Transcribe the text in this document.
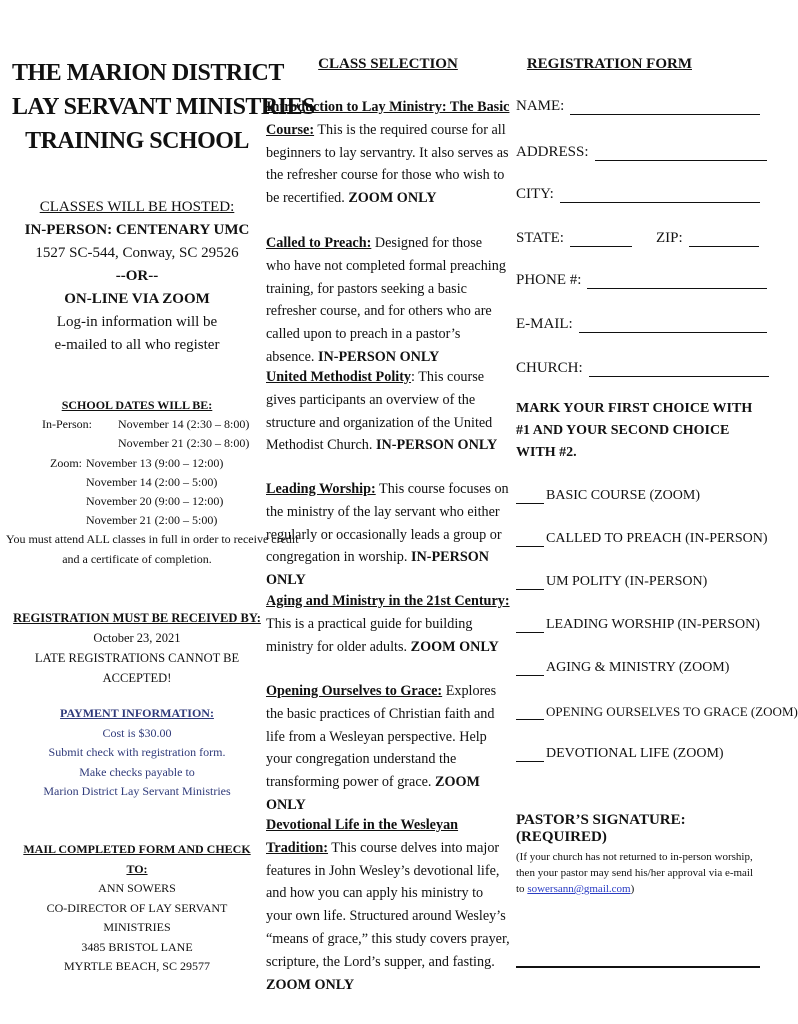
THE MARION DISTRICT
LAY SERVANT MINISTRIES
TRAINING SCHOOL
CLASSES WILL BE HOSTED:
IN-PERSON: CENTENARY UMC
1527 SC-544, Conway, SC 29526
--OR--
ON-LINE VIA ZOOM
Log-in information will be
e-mailed to all who register
SCHOOL DATES WILL BE:
In-Person:	November 14 (2:30 – 8:00)
November 21 (2:30 – 8:00)
Zoom: November 13 (9:00 – 12:00)
November 14 (2:00 – 5:00)
November 20 (9:00 – 12:00)
November 21 (2:00 – 5:00)
You must attend ALL classes in full in order to receive credit
and a certificate of completion.
REGISTRATION MUST BE RECEIVED BY:
October 23, 2021
LATE REGISTRATIONS CANNOT BE ACCEPTED!
PAYMENT INFORMATION:
Cost is $30.00
Submit check with registration form.
Make checks payable to
Marion District Lay Servant Ministries
MAIL COMPLETED FORM AND CHECK TO:
ANN SOWERS
CO-DIRECTOR OF LAY SERVANT MINISTRIES
3485 BRISTOL LANE
MYRTLE BEACH, SC 29577
CLASS SELECTION
Introduction to Lay Ministry: The Basic Course: This is the required course for all beginners to lay servantry. It also serves as the refresher course for those who wish to be recertified. ZOOM ONLY
Called to Preach: Designed for those who have not completed formal preaching training, for pastors seeking a basic refresher course, and for others who are called upon to preach in a pastor’s absence. IN-PERSON ONLY
United Methodist Polity: This course gives participants an overview of the structure and organization of the United Methodist Church. IN-PERSON ONLY
Leading Worship: This course focuses on the ministry of the lay servant who either regularly or occasionally leads a group or congregation in worship. IN-PERSON ONLY
Aging and Ministry in the 21st Century: This is a practical guide for building ministry for older adults. ZOOM ONLY
Opening Ourselves to Grace: Explores the basic practices of Christian faith and life from a Wesleyan perspective. Help your congregation understand the transforming power of grace. ZOOM ONLY
Devotional Life in the Wesleyan Tradition: This course delves into major features in John Wesley’s devotional life, and how you can apply his ministry to your own life. Structured around Wesley’s “means of grace,” this study covers prayer, scripture, the Lord’s supper, and fasting. ZOOM ONLY
REGISTRATION FORM
NAME:
ADDRESS:
CITY:
STATE:	ZIP:
PHONE #:
E-MAIL:
CHURCH:
MARK YOUR FIRST CHOICE WITH #1 AND YOUR SECOND CHOICE WITH #2.
BASIC COURSE (ZOOM)
CALLED TO PREACH (IN-PERSON)
UM POLITY (IN-PERSON)
LEADING WORSHIP (IN-PERSON)
AGING & MINISTRY (ZOOM)
OPENING OURSELVES TO GRACE (ZOOM)
DEVOTIONAL LIFE (ZOOM)
PASTOR’S SIGNATURE: (REQUIRED)
(If your church has not returned to in-person worship, then your pastor may send his/her approval via e-mail to sowersann@gmail.com)
